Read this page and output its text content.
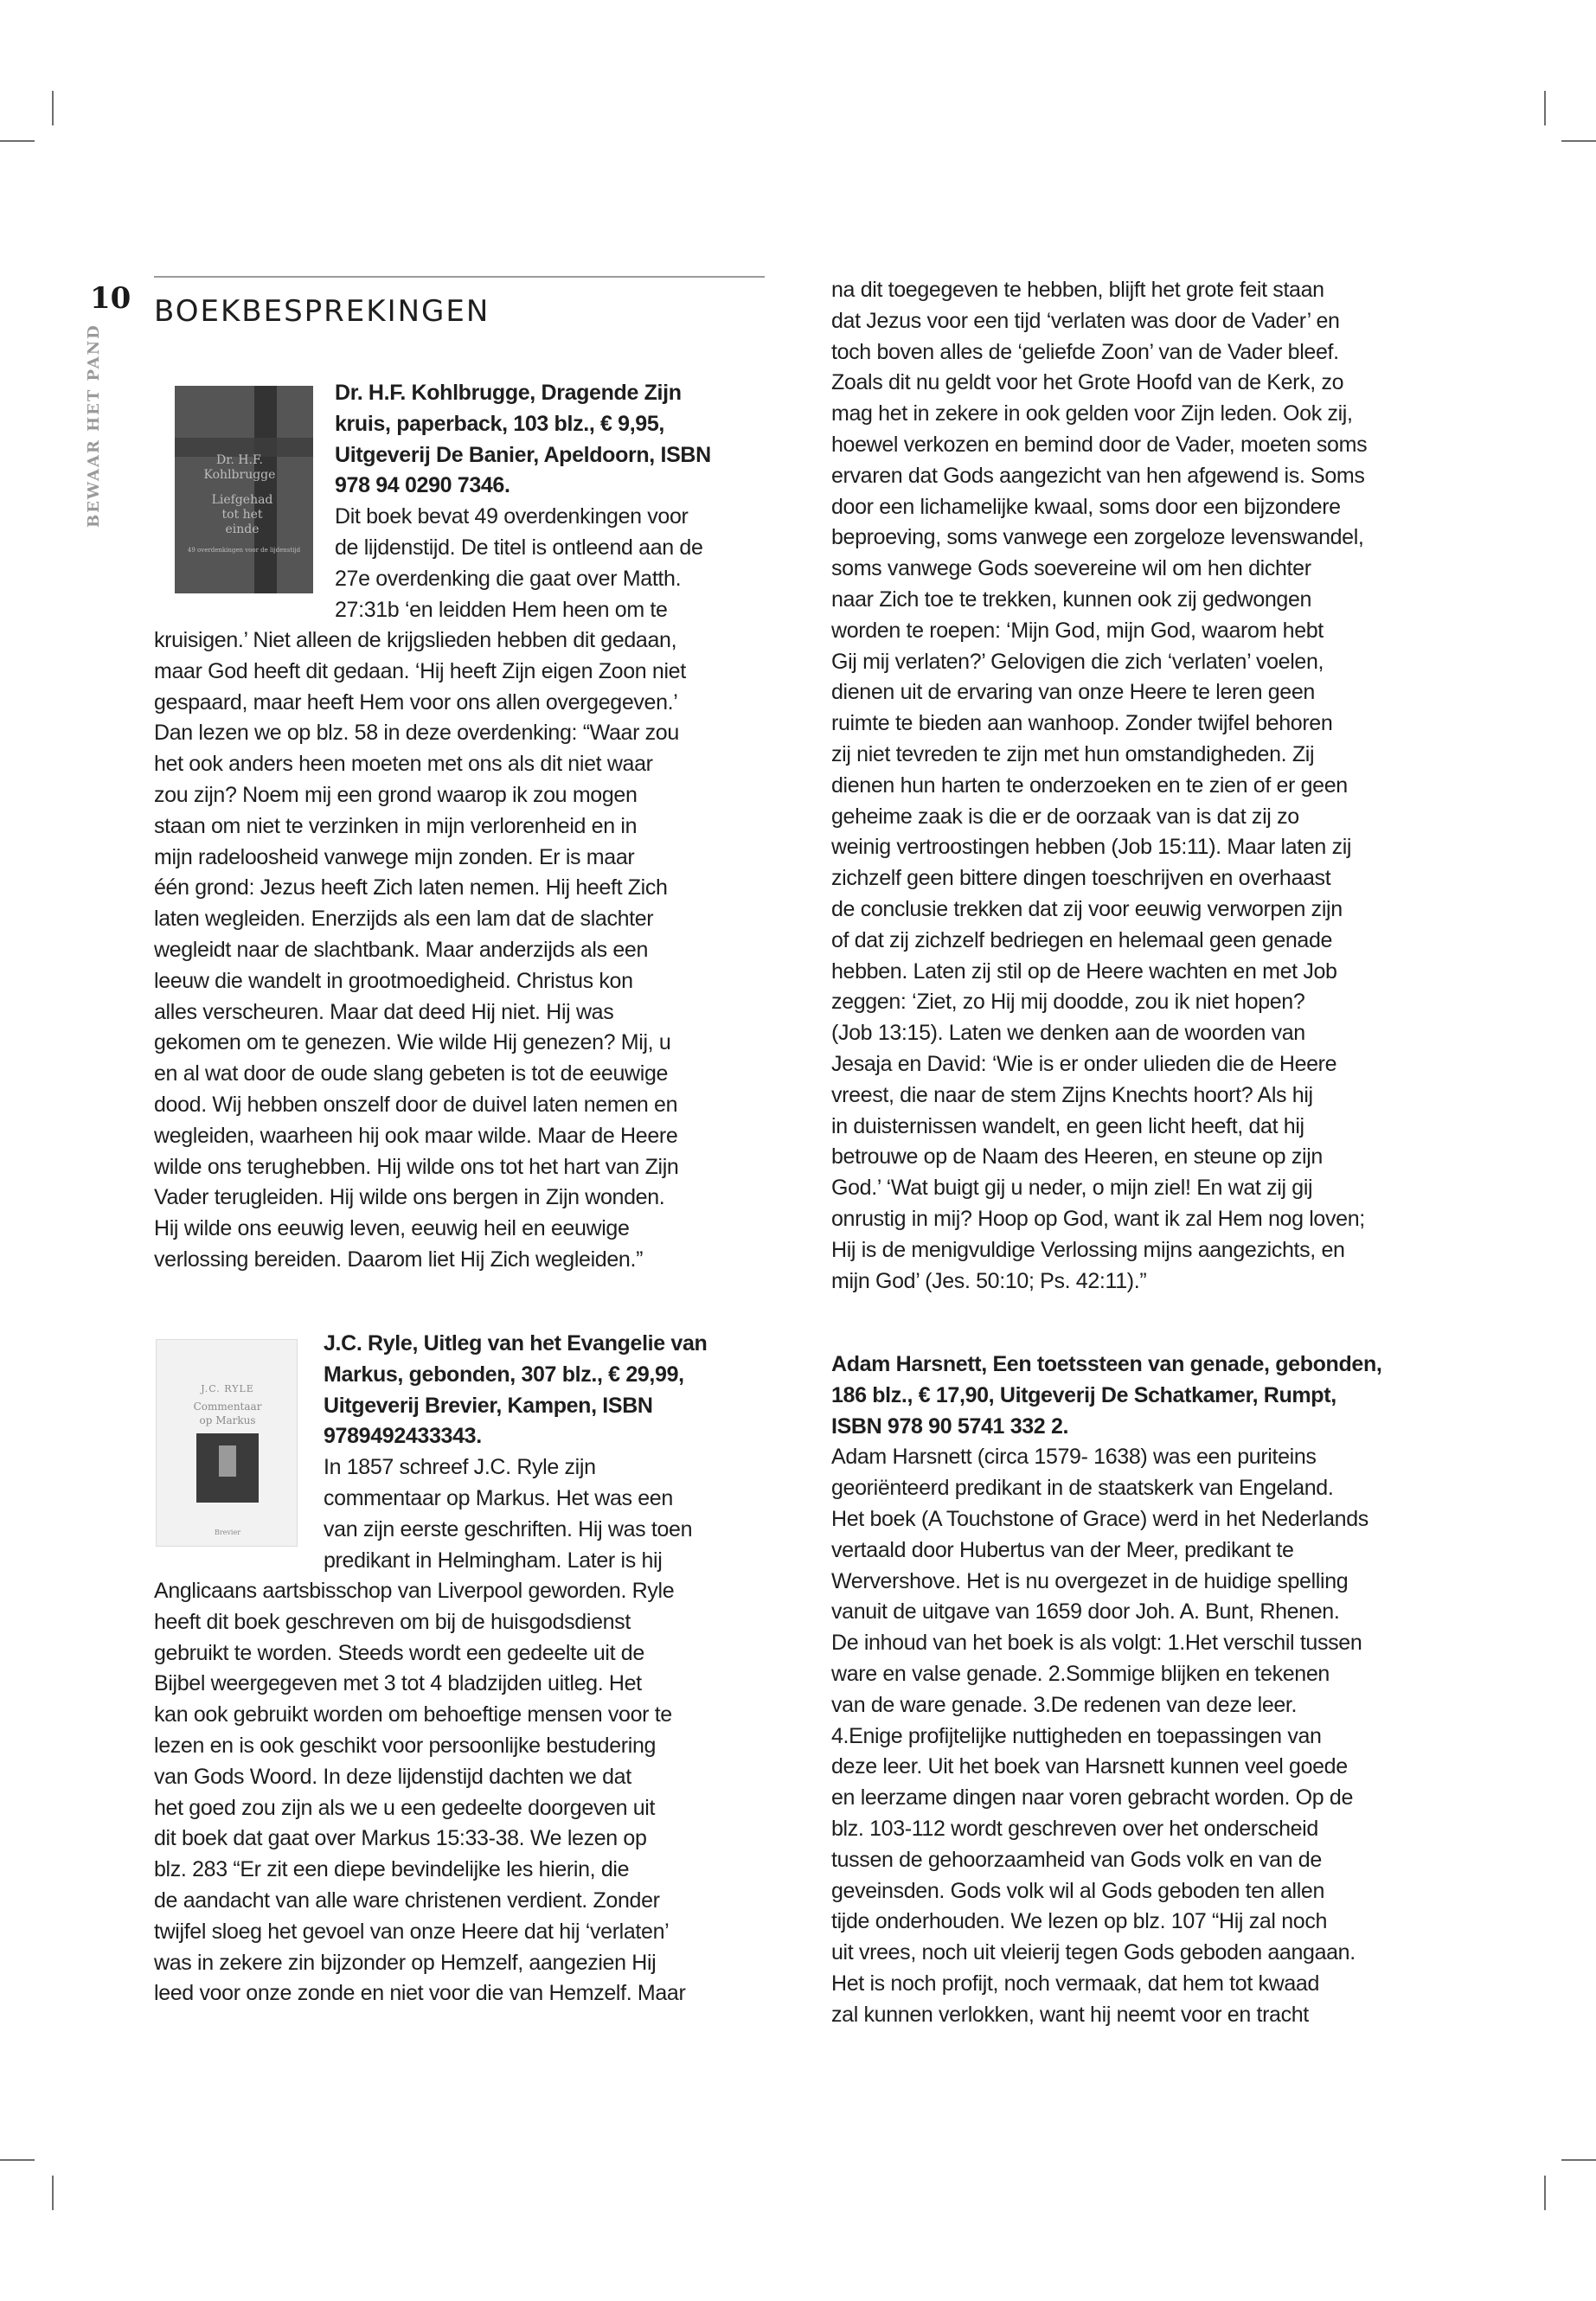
10
BEWAAR HET PAND
BOEKBESPREKINGEN
Dr. H.F.
Kohlbrugge
Liefgehad
tot het
einde
49 overdenkingen voor de lijdenstijd
J.C. RYLE
Commentaar
op Markus
Brevier
Dr. H.F. Kohlbrugge, Dragende Zijn
kruis, paperback, 103 blz., € 9,95,
Uitgeverij De Banier, Apeldoorn, ISBN
978 94 0290 7346.
Dit boek bevat 49 overdenkingen voor
de lijdenstijd. De titel is ontleend aan de
27e overdenking die gaat over Matth.
27:31b ‘en leidden Hem heen om te
kruisigen.’ Niet alleen de krijgslieden hebben dit gedaan,
maar God heeft dit gedaan. ‘Hij heeft Zijn eigen Zoon niet
gespaard, maar heeft Hem voor ons allen overgegeven.’
Dan lezen we op blz. 58 in deze overdenking: “Waar zou
het ook anders heen moeten met ons als dit niet waar
zou zijn? Noem mij een grond waarop ik zou mogen
staan om niet te verzinken in mijn verlorenheid en in
mijn radeloosheid vanwege mijn zonden. Er is maar
één grond: Jezus heeft Zich laten nemen. Hij heeft Zich
laten wegleiden. Enerzijds als een lam dat de slachter
wegleidt naar de slachtbank. Maar anderzijds als een
leeuw die wandelt in grootmoedigheid. Christus kon
alles verscheuren. Maar dat deed Hij niet. Hij was
gekomen om te genezen. Wie wilde Hij genezen? Mij, u
en al wat door de oude slang gebeten is tot de eeuwige
dood. Wij hebben onszelf door de duivel laten nemen en
wegleiden, waarheen hij ook maar wilde. Maar de Heere
wilde ons terughebben. Hij wilde ons tot het hart van Zijn
Vader terugleiden. Hij wilde ons bergen in Zijn wonden.
Hij wilde ons eeuwig leven, eeuwig heil en eeuwige
verlossing bereiden. Daarom liet Hij Zich wegleiden.”
na dit toegegeven te hebben, blijft het grote feit staan
dat Jezus voor een tijd ‘verlaten was door de Vader’ en
toch boven alles de ‘geliefde Zoon’ van de Vader bleef.
Zoals dit nu geldt voor het Grote Hoofd van de Kerk, zo
mag het in zekere in ook gelden voor Zijn leden. Ook zij,
hoewel verkozen en bemind door de Vader, moeten soms
ervaren dat Gods aangezicht van hen afgewend is. Soms
door een lichamelijke kwaal, soms door een bijzondere
beproeving, soms vanwege een zorgeloze levenswandel,
soms vanwege Gods soevereine wil om hen dichter
naar Zich toe te trekken, kunnen ook zij gedwongen
worden te roepen: ‘Mijn God, mijn God, waarom hebt
Gij mij verlaten?’ Gelovigen die zich ‘verlaten’ voelen,
dienen uit de ervaring van onze Heere te leren geen
ruimte te bieden aan wanhoop. Zonder twijfel behoren
zij niet tevreden te zijn met hun omstandigheden. Zij
dienen hun harten te onderzoeken en te zien of er geen
geheime zaak is die er de oorzaak van is dat zij zo
weinig vertroostingen hebben (Job 15:11). Maar laten zij
zichzelf geen bittere dingen toeschrijven en overhaast
de conclusie trekken dat zij voor eeuwig verworpen zijn
of dat zij zichzelf bedriegen en helemaal geen genade
hebben. Laten zij stil op de Heere wachten en met Job
zeggen: ‘Ziet, zo Hij mij doodde, zou ik niet hopen?
(Job 13:15). Laten we denken aan de woorden van
Jesaja en David: ‘Wie is er onder ulieden die de Heere
vreest, die naar de stem Zijns Knechts hoort? Als hij
in duisternissen wandelt, en geen licht heeft, dat hij
betrouwe op de Naam des Heeren, en steune op zijn
God.’ ‘Wat buigt gij u neder, o mijn ziel! En wat zij gij
onrustig in mij? Hoop op God, want ik zal Hem nog loven;
Hij is de menigvuldige Verlossing mijns aangezichts, en
mijn God’ (Jes. 50:10; Ps. 42:11).”
J.C. Ryle, Uitleg van het Evangelie van
Markus, gebonden, 307 blz., € 29,99,
Uitgeverij Brevier, Kampen, ISBN
9789492433343.
In 1857 schreef J.C. Ryle zijn
commentaar op Markus. Het was een
van zijn eerste geschriften. Hij was toen
predikant in Helmingham. Later is hij
Anglicaans aartsbisschop van Liverpool geworden. Ryle
heeft dit boek geschreven om bij de huisgodsdienst
gebruikt te worden. Steeds wordt een gedeelte uit de
Bijbel weergegeven met 3 tot 4 bladzijden uitleg. Het
kan ook gebruikt worden om behoeftige mensen voor te
lezen en is ook geschikt voor persoonlijke bestudering
van Gods Woord. In deze lijdenstijd dachten we dat
het goed zou zijn als we u een gedeelte doorgeven uit
dit boek dat gaat over Markus 15:33-38. We lezen op
blz. 283 “Er zit een diepe bevindelijke les hierin, die
de aandacht van alle ware christenen verdient. Zonder
twijfel sloeg het gevoel van onze Heere dat hij ‘verlaten’
was in zekere zin bijzonder op Hemzelf, aangezien Hij
leed voor onze zonde en niet voor die van Hemzelf. Maar
Adam Harsnett, Een toetssteen van genade, gebonden,
186 blz., € 17,90, Uitgeverij De Schatkamer, Rumpt,
ISBN 978 90 5741 332 2.
Adam Harsnett (circa 1579- 1638) was een puriteins
georiënteerd predikant in de staatskerk van Engeland.
Het boek (A Touchstone of Grace) werd in het Nederlands
vertaald door Hubertus van der Meer, predikant te
Wervershove. Het is nu overgezet in de huidige spelling
vanuit de uitgave van 1659 door Joh. A. Bunt, Rhenen.
De inhoud van het boek is als volgt: 1.Het verschil tussen
ware en valse genade. 2.Sommige blijken en tekenen
van de ware genade. 3.De redenen van deze leer.
4.Enige profijtelijke nuttigheden en toepassingen van
deze leer. Uit het boek van Harsnett kunnen veel goede
en leerzame dingen naar voren gebracht worden. Op de
blz. 103-112 wordt geschreven over het onderscheid
tussen de gehoorzaamheid van Gods volk en van de
geveinsden. Gods volk wil al Gods geboden ten allen
tijde onderhouden. We lezen op blz. 107 “Hij zal noch
uit vrees, noch uit vleierij tegen Gods geboden aangaan.
Het is noch profijt, noch vermaak, dat hem tot kwaad
zal kunnen verlokken, want hij neemt voor en tracht
